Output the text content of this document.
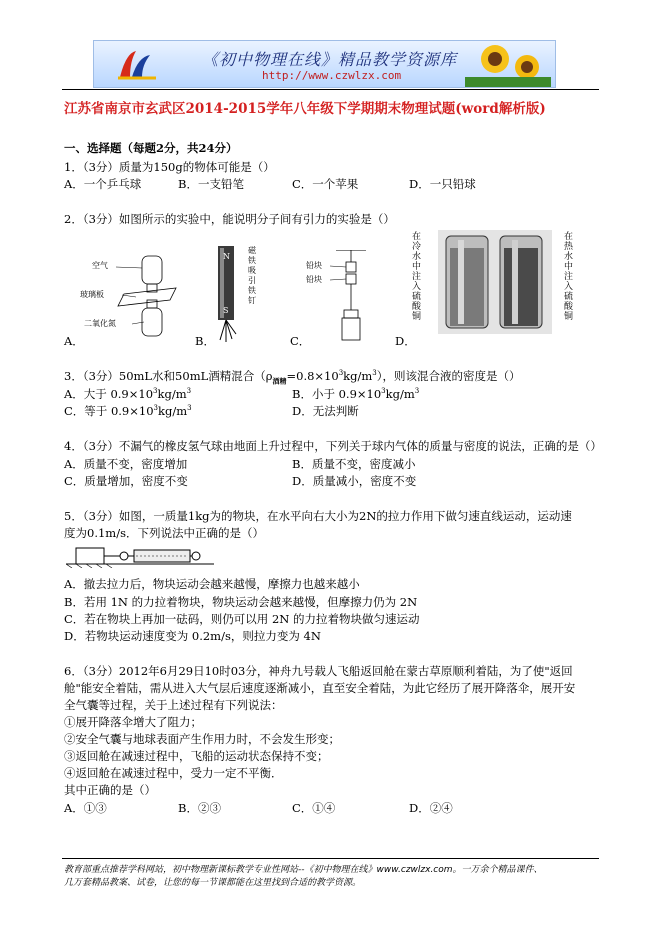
《初中物理在线》精品教学资源库
http://www.czwlzx.com
江苏省南京市玄武区2014-2015学年八年级下学期期末物理试题(word解析版)
一、选择题（每题2分，共24分）
1．（3分）质量为150g的物体可能是（）
A．一个乒乓球	B．一支铅笔	C．一个苹果	D．一只铅球
2．（3分）如图所示的实验中，能说明分子间有引力的实验是（）
空气
玻璃板
二氧化氮
A．
N
S
磁铁吸引铁钉
B．
铅块
铅块
C．
在冷水中注入硫酸铜
在热水中注入硫酸铜
D．
3．（3分）50mL水和50mL酒精混合$(\rho_{酒精}=0.8\times 10^3kg/m^3)$，则该混合液的密度是（）
A．大于 $0.9\times 10^3kg/m^3$	B．小于 $0.9\times 10^3kg/m^3$
C．等于 $0.9\times 10^3kg/m^3$	D．无法判断
4．（3分）不漏气的橡皮氢气球由地面上升过程中，下列关于球内气体的质量与密度的说法，正确的是（）
A．质量不变，密度增加	B．质量不变，密度减小
C．质量增加，密度不变	D．质量减小，密度不变
5．（3分）如图，一质量1kg为的物块，在水平向右大小为2N的拉力作用下做匀速直线运动，运动速
度为0.1m/s．下列说法中正确的是（）
A．撤去拉力后，物块运动会越来越慢，摩擦力也越来越小
B．若用 1N 的力拉着物块，物块运动会越来越慢，但摩擦力仍为 2N
C．若在物块上再加一砝码，则仍可以用 2N 的力拉着物块做匀速运动
D．若物块运动速度变为 0.2m/s，则拉力变为 4N
6．（3分）2012年6月29日10时03分，神舟九号载人飞船返回舱在蒙古草原顺利着陆，为了使"返回
舱"能安全着陆，需从进入大气层后速度逐渐减小，直至安全着陆，为此它经历了展开降落伞，展开安
全气囊等过程，关于上述过程有下列说法：
①展开降落伞增大了阻力；
②安全气囊与地球表面产生作用力时，不会发生形变；
③返回舱在减速过程中，飞船的运动状态保持不变；
④返回舱在减速过程中，受力一定不平衡．
其中正确的是（）
A．①③	B．②③	C．①④	D．②④
教育部重点推荐学科网站，初中物理新课标教学专业性网站--《初中物理在线》www.czwlzx.com。一万余个精品课件、
几万套精品教案、试卷，让您的每一节课都能在这里找到合适的教学资源。
